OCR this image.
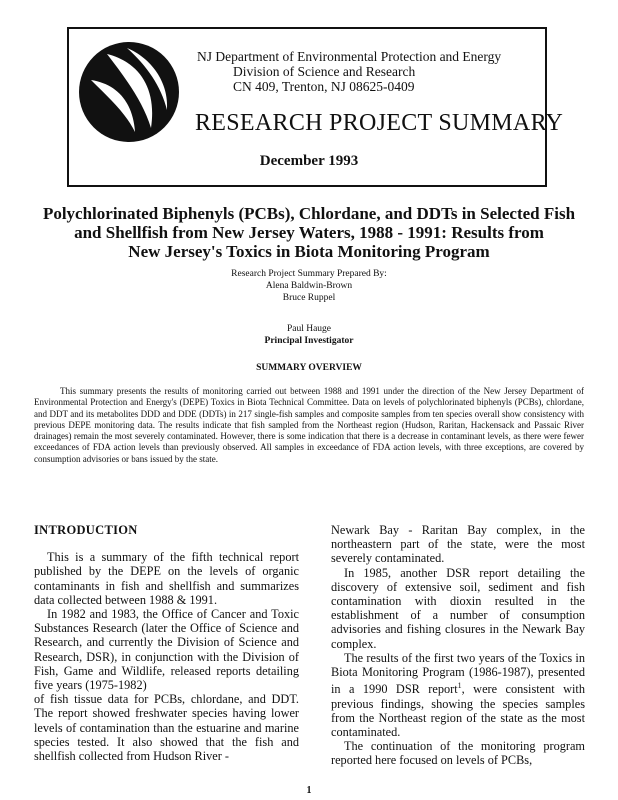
NJ Department of Environmental Protection and Energy
Division of Science and Research
CN 409, Trenton, NJ 08625-0409
RESEARCH PROJECT SUMMARY
December 1993
Polychlorinated Biphenyls (PCBs), Chlordane, and DDTs in Selected Fish
and Shellfish from New Jersey Waters, 1988 - 1991: Results from
New Jersey's Toxics in Biota Monitoring Program
Research Project Summary Prepared By:
Alena Baldwin-Brown
Bruce Ruppel
Paul Hauge
Principal Investigator
SUMMARY OVERVIEW
This summary presents the results of monitoring carried out between 1988 and 1991 under the direction of the New Jersey Department of Environmental Protection and Energy's (DEPE) Toxics in Biota Technical Committee. Data on levels of polychlorinated biphenyls (PCBs), chlordane, and DDT and its metabolites DDD and DDE (DDTs) in 217 single-fish samples and composite samples from ten species overall show consistency with previous DEPE monitoring data. The results indicate that fish sampled from the Northeast region (Hudson, Raritan, Hackensack and Passaic River drainages) remain the most severely contaminated. However, there is some indication that there is a decrease in contaminant levels, as there were fewer exceedances of FDA action levels than previously observed. All samples in exceedance of FDA action levels, with three exceptions, are covered by consumption advisories or bans issued by the state.
INTRODUCTION

This is a summary of the fifth technical report published by the DEPE on the levels of organic contaminants in fish and shellfish and summarizes data collected between 1988 & 1991.

In 1982 and 1983, the Office of Cancer and Toxic Substances Research (later the Office of Science and Research, and currently the Division of Science and Research, DSR), in conjunction with the Division of Fish, Game and Wildlife, released reports detailing five years (1975-1982)

of fish tissue data for PCBs, chlordane, and DDT. The report showed freshwater species having lower levels of contamination than the estuarine and marine species tested. It also showed that the fish and shellfish collected from Hudson River -

Newark Bay - Raritan Bay complex, in the northeastern part of the state, were the most severely contaminated.

In 1985, another DSR report detailing the discovery of extensive soil, sediment and fish contamination with dioxin resulted in the establishment of a number of consumption advisories and fishing closures in the Newark Bay complex.

The results of the first two years of the Toxics in Biota Monitoring Program (1986-1987), presented in a 1990 DSR report$^1$, were consistent with previous findings, showing the species samples from the Northeast region of the state as the most contaminated.

The continuation of the monitoring program reported here focused on levels of PCBs,

1
